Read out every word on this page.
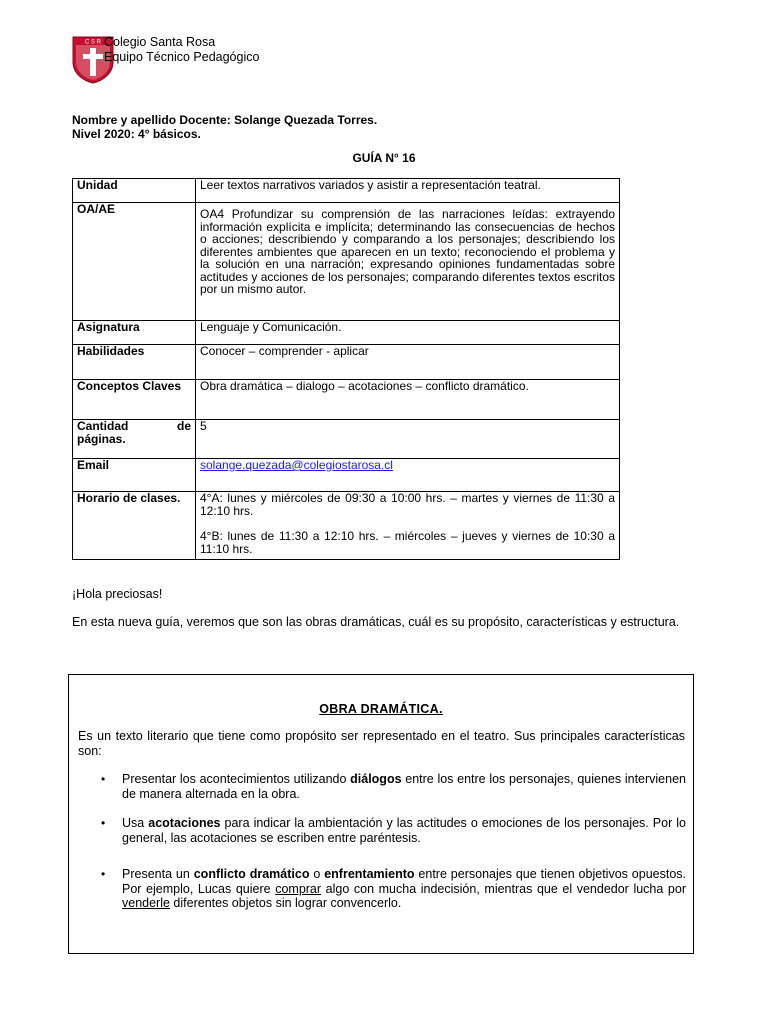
C S R Colegio Santa Rosa
Equipo Técnico Pedagógico
Nombre y apellido Docente: Solange Quezada Torres.
Nivel 2020: 4° básicos.
GUÍA N° 16
Unidad	Leer textos narrativos variados y asistir a representación teatral.
OA/AE	OA4 Profundizar su comprensión de las narraciones leídas: extrayendo información explícita e implícita; determinando las consecuencias de hechos o acciones; describiendo y comparando a los personajes; describiendo los diferentes ambientes que aparecen en un texto; reconociendo el problema y la solución en una narración; expresando opiniones fundamentadas sobre actitudes y acciones de los personajes; comparando diferentes textos escritos por un mismo autor.
Asignatura	Lenguaje y Comunicación.
Habilidades	Conocer – comprender - aplicar
Conceptos Claves	Obra dramática – dialogo – acotaciones – conflicto dramático.
Cantidad de páginas.	5
Email	solange.quezada@colegiostarosa.cl
Horario de clases.	4°A: lunes y miércoles de 09:30 a 10:00 hrs. – martes y viernes de 11:30 a 12:10 hrs.
4°B: lunes de 11:30 a 12:10 hrs. – miércoles – jueves y viernes de 10:30 a 11:10 hrs.
¡Hola preciosas!
En esta nueva guía, veremos que son las obras dramáticas, cuál es su propósito, características y estructura.
OBRA DRAMÁTICA.
Es un texto literario que tiene como propósito ser representado en el teatro. Sus principales características son:
• Presentar los acontecimientos utilizando diálogos entre los entre los personajes, quienes intervienen de manera alternada en la obra.
• Usa acotaciones para indicar la ambientación y las actitudes o emociones de los personajes. Por lo general, las acotaciones se escriben entre paréntesis.
• Presenta un conflicto dramático o enfrentamiento entre personajes que tienen objetivos opuestos. Por ejemplo, Lucas quiere comprar algo con mucha indecisión, mientras que el vendedor lucha por venderle diferentes objetos sin lograr convencerlo.
